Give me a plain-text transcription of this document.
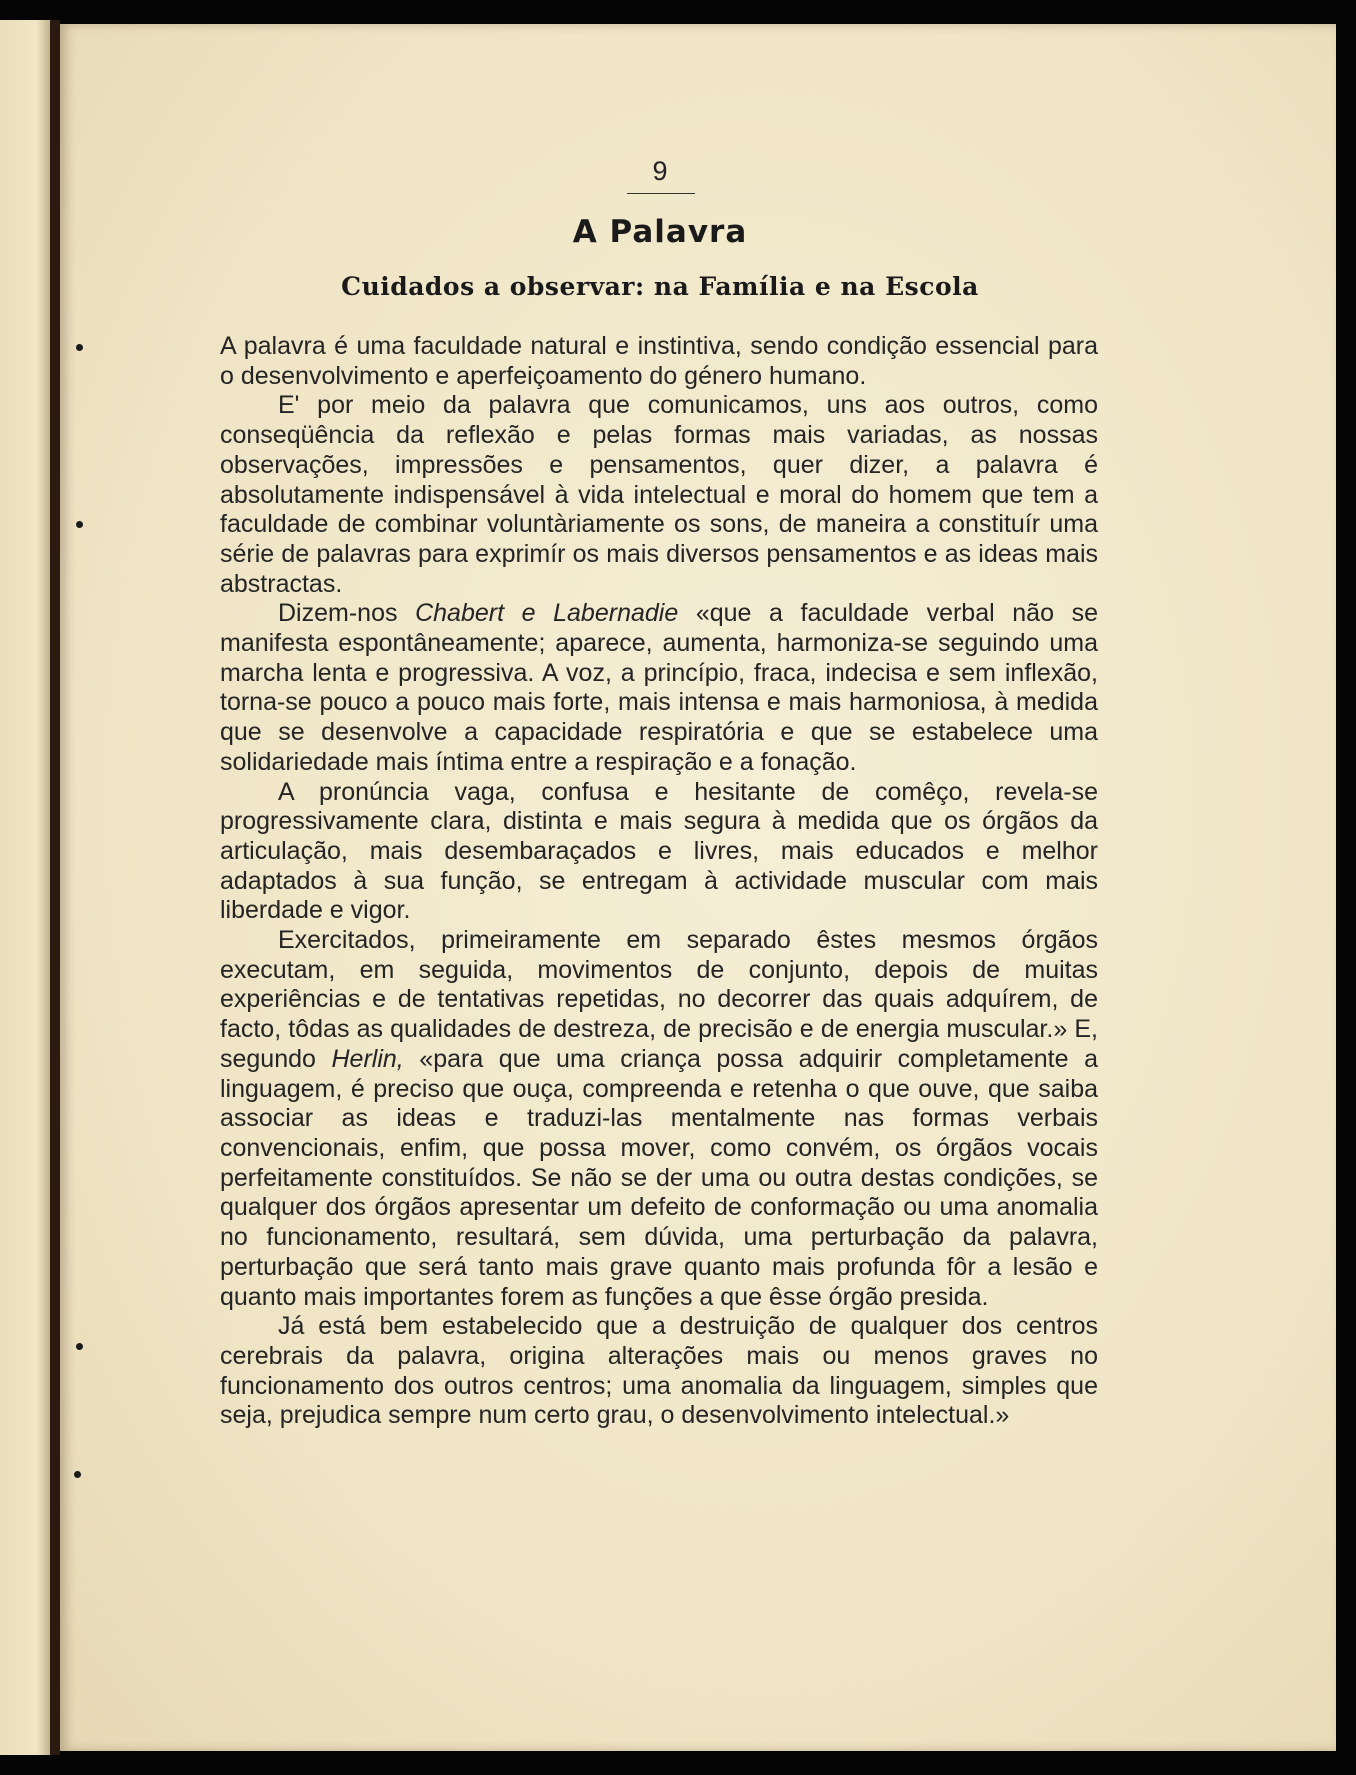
9
A Palavra
Cuidados a observar: na Família e na Escola

A palavra é uma faculdade natural e instintiva, sendo condição essencial para o desenvolvimento e aperfeiçoamento do género humano.

E' por meio da palavra que comunicamos, uns aos outros, como conseqüência da reflexão e pelas formas mais variadas, as nossas observações, impressões e pensamentos, quer dizer, a palavra é absolutamente indispensável à vida intelectual e moral do homem que tem a faculdade de combinar voluntàriamente os sons, de maneira a constituír uma série de palavras para exprimír os mais diversos pensamentos e as ideas mais abstractas.

Dizem-nos Chabert e Labernadie «que a faculdade verbal não se manifesta espontâneamente; aparece, aumenta, harmoniza-se seguindo uma marcha lenta e progressiva. A voz, a princípio, fraca, indecisa e sem inflexão, torna-se pouco a pouco mais forte, mais intensa e mais harmoniosa, à medida que se desenvolve a capacidade respiratória e que se estabelece uma solidariedade mais íntima entre a respiração e a fonação.

A pronúncia vaga, confusa e hesitante de comêço, revela-se progressivamente clara, distinta e mais segura à medida que os órgãos da articulação, mais desembaraçados e livres, mais educados e melhor adaptados à sua função, se entregam à actividade muscular com mais liberdade e vigor.

Exercitados, primeiramente em separado êstes mesmos órgãos executam, em seguida, movimentos de conjunto, depois de muitas experiências e de tentativas repetidas, no decorrer das quais adquírem, de facto, tôdas as qualidades de destreza, de precisão e de energia muscular.» E, segundo Herlin, «para que uma criança possa adquirir completamente a linguagem, é preciso que ouça, compreenda e retenha o que ouve, que saiba associar as ideas e traduzi-las mentalmente nas formas verbais convencionais, enfim, que possa mover, como convém, os órgãos vocais perfeitamente constituídos. Se não se der uma ou outra destas condições, se qualquer dos órgãos apresentar um defeito de conformação ou uma anomalia no funcionamento, resultará, sem dúvida, uma perturbação da palavra, perturbação que será tanto mais grave quanto mais profunda fôr a lesão e quanto mais importantes forem as funções a que êsse órgão presida.

Já está bem estabelecido que a destruição de qualquer dos centros cerebrais da palavra, origina alterações mais ou menos graves no funcionamento dos outros centros; uma anomalia da linguagem, simples que seja, prejudica sempre num certo grau, o desenvolvimento intelectual.»
